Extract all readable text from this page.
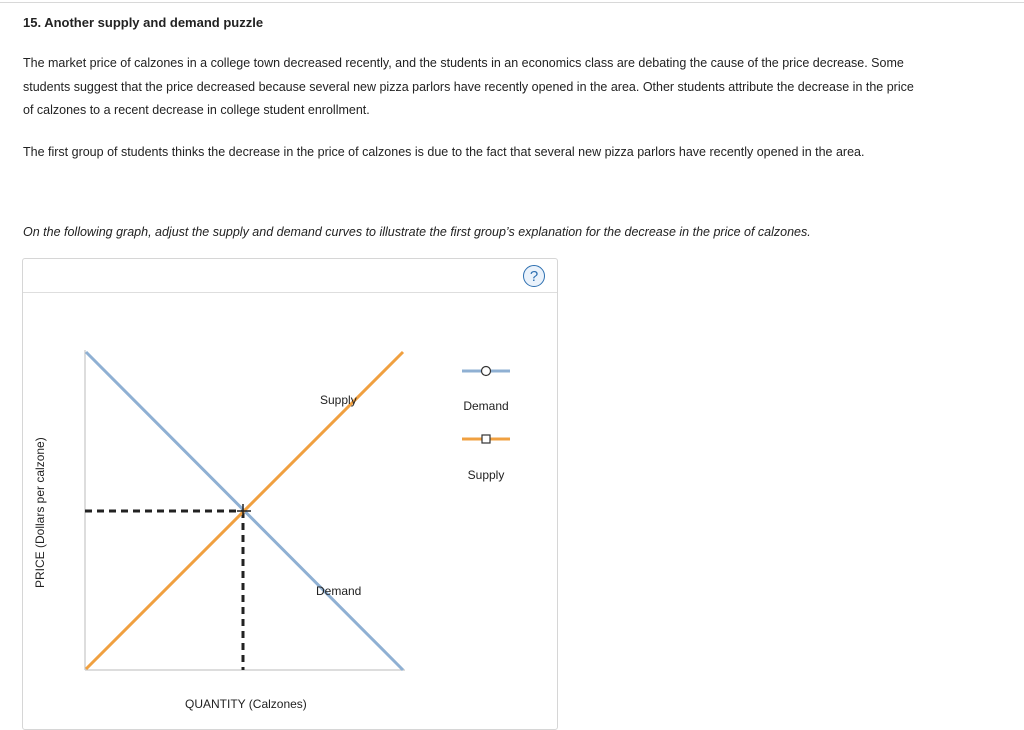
15. Another supply and demand puzzle

The market price of calzones in a college town decreased recently, and the students in an economics class are debating the cause of the price decrease. Some students suggest that the price decreased because several new pizza parlors have recently opened in the area. Other students attribute the decrease in the price of calzones to a recent decrease in college student enrollment.

The first group of students thinks the decrease in the price of calzones is due to the fact that several new pizza parlors have recently opened in the area.

On the following graph, adjust the supply and demand curves to illustrate the first group’s explanation for the decrease in the price of calzones.
?
Supply
Demand
QUANTITY (Calzones)
PRICE (Dollars per calzone)
Demand
Supply
